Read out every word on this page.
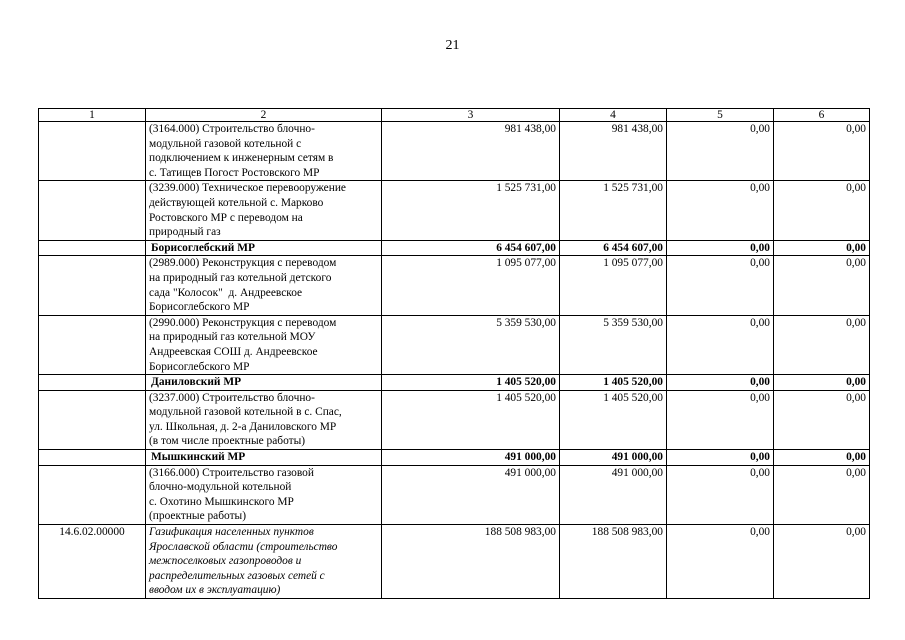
21
1	2	3	4	5	6

	(3164.000) Строительство блочно-
модульной газовой котельной с
подключением к инженерным сетям в
с. Татищев Погост Ростовского МР	981 438,00	981 438,00	0,00	0,00

	(3239.000) Техническое перевооружение
действующей котельной с. Марково
Ростовского МР с переводом на
природный газ	1 525 731,00	1 525 731,00	0,00	0,00

	Борисоглебский МР	6 454 607,00	6 454 607,00	0,00	0,00

	(2989.000) Реконструкция с переводом
на природный газ котельной детского
сада "Колосок"  д. Андреевское
Борисоглебского МР	1 095 077,00	1 095 077,00	0,00	0,00

	(2990.000) Реконструкция с переводом
на природный газ котельной МОУ
Андреевская СОШ д. Андреевское
Борисоглебского МР	5 359 530,00	5 359 530,00	0,00	0,00

	Даниловский МР	1 405 520,00	1 405 520,00	0,00	0,00

	(3237.000) Строительство блочно-
модульной газовой котельной в с. Спас,
ул. Школьная, д. 2-а Даниловского МР
(в том числе проектные работы)	1 405 520,00	1 405 520,00	0,00	0,00

	Мышкинский МР	491 000,00	491 000,00	0,00	0,00

	(3166.000) Строительство газовой
блочно-модульной котельной
с. Охотино Мышкинского МР
(проектные работы)	491 000,00	491 000,00	0,00	0,00
14.6.02.00000	Газификация населенных пунктов
Ярославской области (строительство
межпоселковых газопроводов и
распределительных газовых сетей с
вводом их в эксплуатацию)	188 508 983,00	188 508 983,00	0,00	0,00
